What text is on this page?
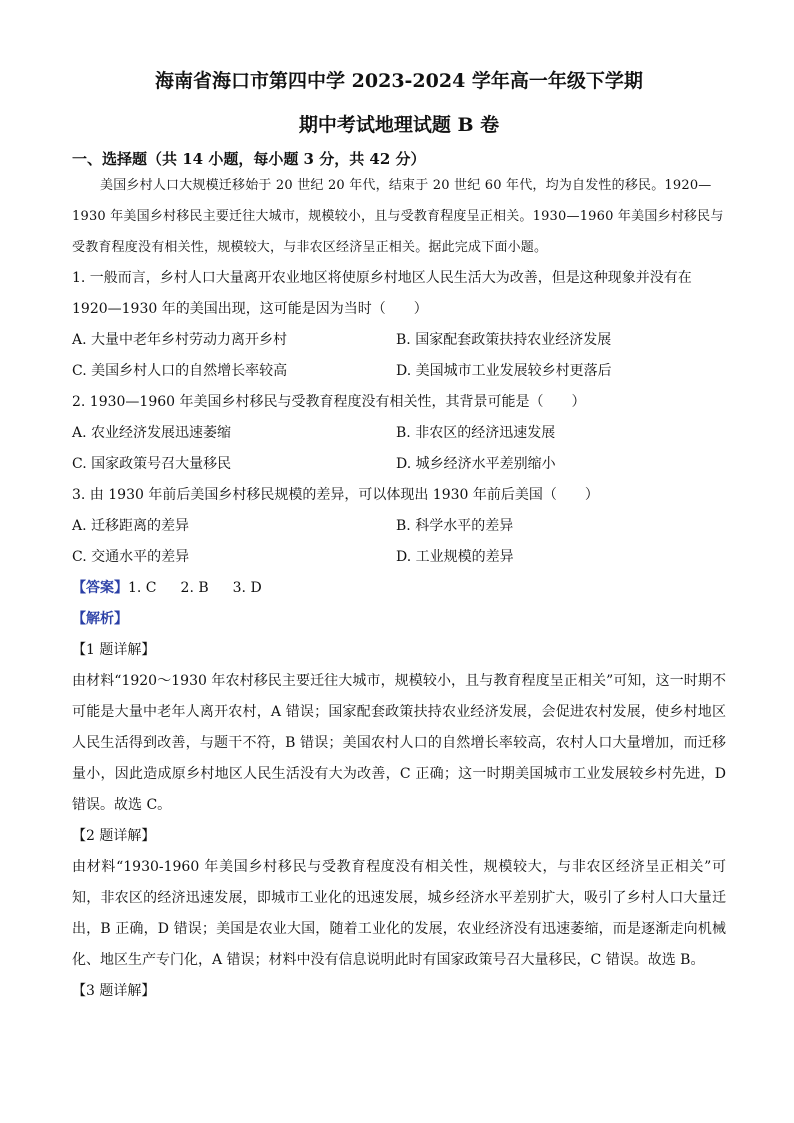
海南省海口市第四中学 2023-2024 学年高一年级下学期
期中考试地理试题 B 卷
一、选择题（共 14 小题，每小题 3 分，共 42 分）

美国乡村人口大规模迁移始于 20 世纪 20 年代，结束于 20 世纪 60 年代，均为自发性的移民。1920—1930 年美国乡村移民主要迁往大城市，规模较小，且与受教育程度呈正相关。1930—1960 年美国乡村移民与受教育程度没有相关性，规模较大，与非农区经济呈正相关。据此完成下面小题。

1. 一般而言，乡村人口大量离开农业地区将使原乡村地区人民生活大为改善，但是这种现象并没有在 1920—1930 年的美国出现，这可能是因为当时（　　）

A. 大量中老年乡村劳动力离开乡村	B. 国家配套政策扶持农业经济发展
C. 美国乡村人口的自然增长率较高	D. 美国城市工业发展较乡村更落后

2. 1930—1960 年美国乡村移民与受教育程度没有相关性，其背景可能是（　　）

A. 农业经济发展迅速萎缩	B. 非农区的经济迅速发展
C. 国家政策号召大量移民	D. 城乡经济水平差别缩小

3. 由 1930 年前后美国乡村移民规模的差异，可以体现出 1930 年前后美国（　　）

A. 迁移距离的差异	B. 科学水平的差异
C. 交通水平的差异	D. 工业规模的差异
【答案】1. C 2. B 3. D
【解析】
【1 题详解】

由材料“1920～1930 年农村移民主要迁往大城市，规模较小，且与教育程度呈正相关”可知，这一时期不可能是大量中老年人离开农村，A 错误；国家配套政策扶持农业经济发展，会促进农村发展，使乡村地区人民生活得到改善，与题干不符，B 错误；美国农村人口的自然增长率较高，农村人口大量增加，而迁移量小，因此造成原乡村地区人民生活没有大为改善，C 正确；这一时期美国城市工业发展较乡村先进，D 错误。故选 C。

【2 题详解】

由材料“1930-1960 年美国乡村移民与受教育程度没有相关性，规模较大，与非农区经济呈正相关”可知，非农区的经济迅速发展，即城市工业化的迅速发展，城乡经济水平差别扩大，吸引了乡村人口大量迁出，B 正确，D 错误；美国是农业大国，随着工业化的发展，农业经济没有迅速萎缩，而是逐渐走向机械化、地区生产专门化，A 错误；材料中没有信息说明此时有国家政策号召大量移民，C 错误。故选 B。

【3 题详解】
